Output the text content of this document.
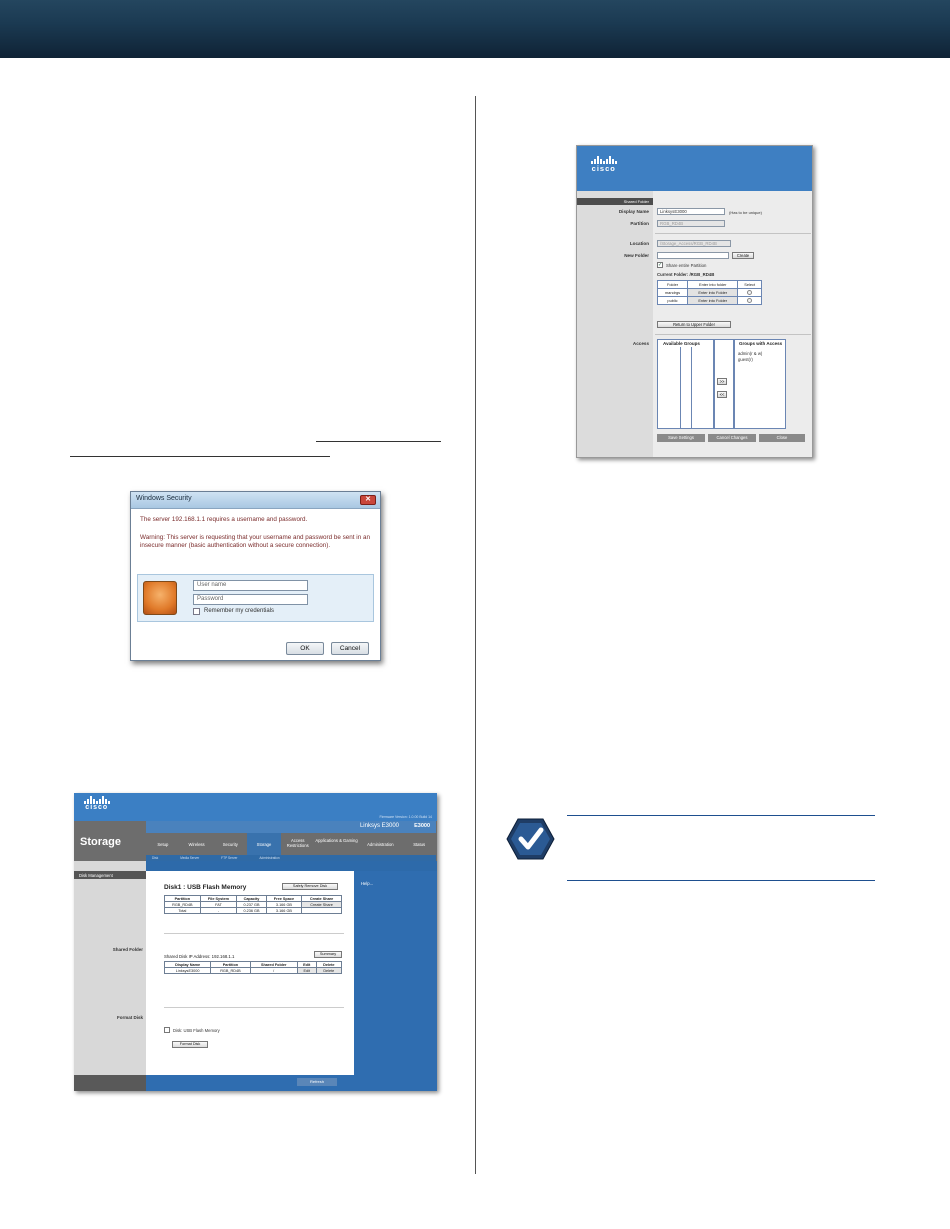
Windows Security	✕
The server 192.168.1.1 requires a username and password.
Warning: This server is requesting that your username and password be sent in an insecure manner (basic authentication without a secure connection).
User name
Password
Remember my credentials
OK	Cancel
cisco
Firmware Version: 1.0.00 Build 14
Storage
Linksys E3000	E3000
Setup	Wireless	Security	Storage
Access Restrictions
Applications & Gaming
Administration	Status
Disk	Media Server	FTP Server	Administration
Disk Management
Shared Folder
Format Disk
Disk1 : USB Flash Memory	Safely Remove Disk
Partition	File System	Capacity	Free Space	Create Share
RGB_RD4B	FAT	0.237 GB	3.166 GB	Create Share
Total	-	0.236 GB	3.166 GB	
Shared Disk IP Address: 192.168.1.1	Summary
Display Name	Partition	Shared Folder	Edit	Delete
LinksysE3000	RGB_RD4B	/	Edit	Delete
Disk: USB Flash Memory
Format Disk
Help...
Refresh
cisco
Shared Folder
Display Name	LinksysE3000	(Has to be unique)
Partition	RGB_RD4B
Location	/Storage_Access/RGB_RD4B
New Folder	Create
✓ Share entire Partition
Current Folder: /RGB_RD4B
Folder	Enter into folder	Select
mandrgs	Enter into Folder	
public	Enter into Folder	
Return to Upper Folder
Access	Available Groups
>>
<<
Groups with Access
admin(r & w)
guest(r)
Save Settings	Cancel Changes	Close
